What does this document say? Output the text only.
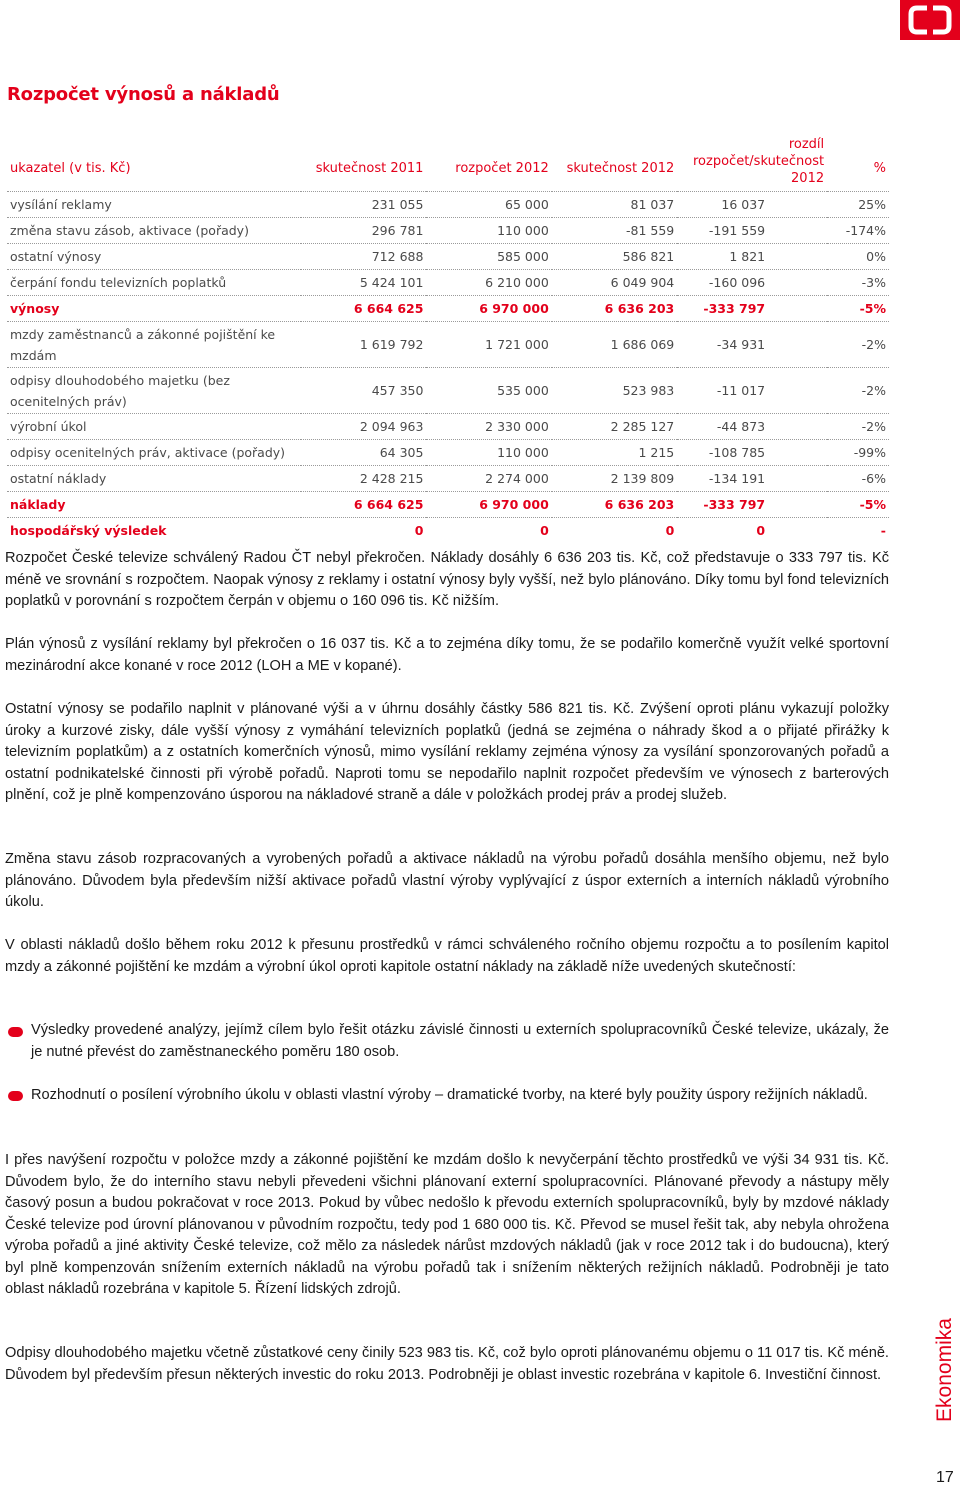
Rozpočet výnosů a nákladů
ukazatel (v tis. Kč)	skutečnost 2011	rozpočet 2012	skutečnost 2012	rozdíl rozpočet/skutečnost 2012	%
vysílání reklamy	231 055	65 000	81 037	16 037	25%
změna stavu zásob, aktivace (pořady)	296 781	110 000	-81 559	-191 559	-174%
ostatní výnosy	712 688	585 000	586 821	1 821	0%
čerpání fondu televizních poplatků	5 424 101	6 210 000	6 049 904	-160 096	-3%
výnosy	6 664 625	6 970 000	6 636 203	-333 797	-5%
mzdy zaměstnanců a zákonné pojištění ke mzdám	1 619 792	1 721 000	1 686 069	-34 931	-2%
odpisy dlouhodobého majetku (bez ocenitelných práv)	457 350	535 000	523 983	-11 017	-2%
výrobní úkol	2 094 963	2 330 000	2 285 127	-44 873	-2%
odpisy ocenitelných práv, aktivace (pořady)	64 305	110 000	1 215	-108 785	-99%
ostatní náklady	2 428 215	2 274 000	2 139 809	-134 191	-6%
náklady	6 664 625	6 970 000	6 636 203	-333 797	-5%
hospodářský výsledek	0	0	0	0	-

Rozpočet České televize schválený Radou ČT nebyl překročen. Náklady dosáhly 6 636 203 tis. Kč, což představuje o 333 797 tis. Kč méně ve srovnání s rozpočtem. Naopak výnosy z reklamy i ostatní výnosy byly vyšší, než bylo plánováno. Díky tomu byl fond televizních poplatků v porovnání s rozpočtem čerpán v objemu o 160 096 tis. Kč nižším.

Plán výnosů z vysílání reklamy byl překročen o 16 037 tis. Kč a to zejména díky tomu, že se podařilo komerčně využít velké sportovní mezinárodní akce konané v roce 2012 (LOH a ME v kopané).

Ostatní výnosy se podařilo naplnit v plánované výši a v úhrnu dosáhly částky 586 821 tis. Kč. Zvýšení oproti plánu vykazují položky úroky a kurzové zisky, dále vyšší výnosy z vymáhání televizních poplatků (jedná se zejména o náhrady škod a o přijaté přirážky k televizním poplatkům) a z ostatních komerčních výnosů, mimo vysílání reklamy zejména výnosy za vysílání sponzorovaných pořadů a ostatní podnikatelské činnosti při výrobě pořadů. Naproti tomu se nepodařilo naplnit rozpočet především ve výnosech z barterových plnění, což je plně kompenzováno úsporou na nákladové straně a dále v položkách prodej práv a prodej služeb.

Změna stavu zásob rozpracovaných a vyrobených pořadů a aktivace nákladů na výrobu pořadů dosáhla menšího objemu, než bylo plánováno. Důvodem byla především nižší aktivace pořadů vlastní výroby vyplývající z úspor externích a interních nákladů výrobního úkolu.

V oblasti nákladů došlo během roku 2012 k přesunu prostředků v rámci schváleného ročního objemu rozpočtu a to posílením kapitol mzdy a zákonné pojištění ke mzdám a výrobní úkol oproti kapitole ostatní náklady na základě níže uvedených skutečností:

Výsledky provedené analýzy, jejímž cílem bylo řešit otázku závislé činnosti u externích spolupracovníků České televize, ukázaly, že je nutné převést do zaměstnaneckého poměru 180 osob.

Rozhodnutí o posílení výrobního úkolu v oblasti vlastní výroby – dramatické tvorby, na které byly použity úspory režijních nákladů.

I přes navýšení rozpočtu v položce mzdy a zákonné pojištění ke mzdám došlo k nevyčerpání těchto prostředků ve výši 34 931 tis. Kč. Důvodem bylo, že do interního stavu nebyli převedeni všichni plánovaní externí spolupracovníci. Plánované převody a nástupy měly časový posun a budou pokračovat v roce 2013. Pokud by vůbec nedošlo k převodu externích spolupracovníků, byly by mzdové náklady České televize pod úrovní plánovanou v původním rozpočtu, tedy pod 1 680 000 tis. Kč. Převod se musel řešit tak, aby nebyla ohrožena výroba pořadů a jiné aktivity České televize, což mělo za následek nárůst mzdových nákladů (jak v roce 2012 tak i do budoucna), který byl plně kompenzován snížením externích nákladů na výrobu pořadů tak i snížením některých režijních nákladů. Podrobněji je tato oblast nákladů rozebrána v kapitole 5. Řízení lidských zdrojů.

Odpisy dlouhodobého majetku včetně zůstatkové ceny činily 523 983 tis. Kč, což bylo oproti plánovanému objemu o 11 017 tis. Kč méně. Důvodem byl především přesun některých investic do roku 2013. Podrobněji je oblast investic rozebrána v kapitole 6. Investiční činnost.	Ekonomika
17
